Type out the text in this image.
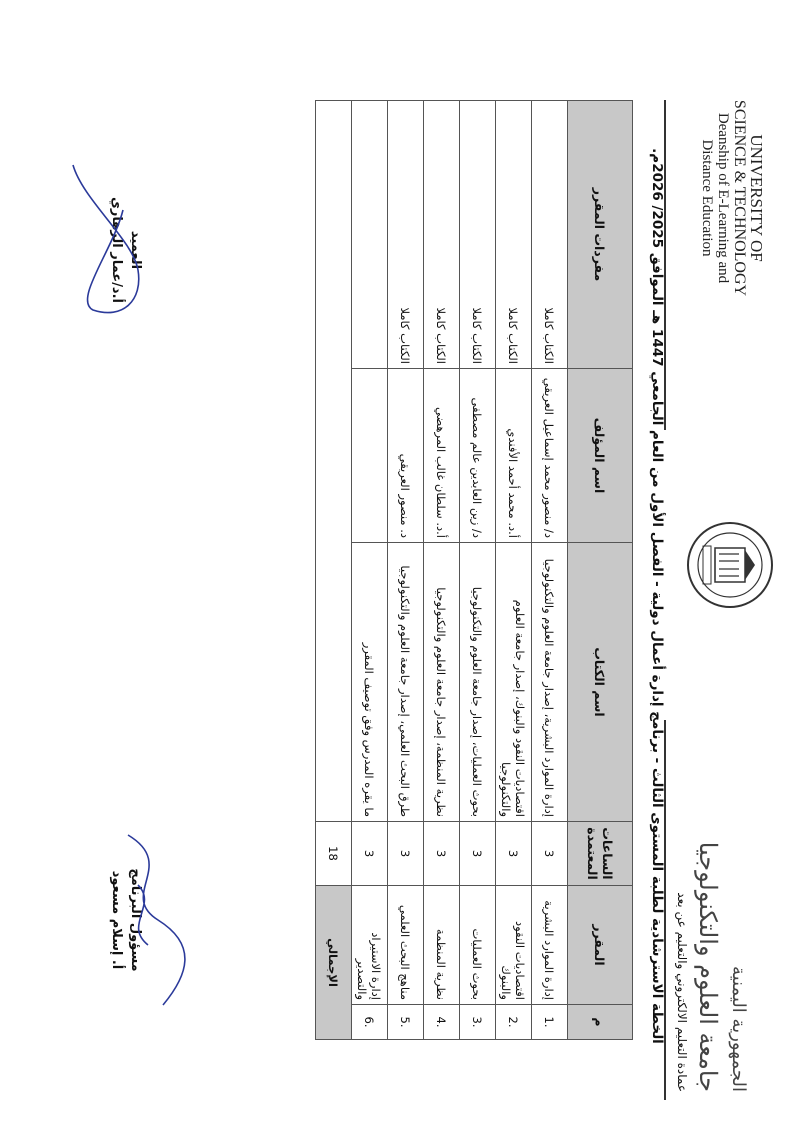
الجمهورية اليمنية
جامعة العلوم والتكنولوجيا
عمادة التعليم الالكتروني والتعليم عن بعد
UNIVERSITY OF
SCIENCE & TECHNOLOGY
Deanship of E-Learning and
Distance Education
الخطة الاسترشادية لطلبة المستوى الثالث - برنامج إدارة أعمال دولية - الفصل الأول من العام الجامعي 1447 هـ الموافق 2025/ 2026م.
م	المقرر	الساعات المعتمدة	اسم الكتاب	اسم المؤلف	مفردات المقرر
.1	إدارة الموارد البشرية	3	إدارة الموارد البشرية، إصدار جامعة العلوم والتكنولوجيا	د/ منصور محمد إسماعيل العريقي	الكتاب كاملا
.2	اقتصاديات النقود والبنوك	3	اقتصاديات النقود والبنوك، إصدار جامعة العلوم والتكنولوجيا	أ.د. محمد أحمد الأفندي	الكتاب كاملا
.3	بحوث العمليات	3	بحوث العمليات، إصدار جامعة العلوم والتكنولوجيا	د/ زين العابدين عالم مصطفى	الكتاب كاملا
.4	نظرية المنظمة	3	نظرية المنظمة، إصدار جامعة العلوم والتكنولوجيا	أ.د. سلطان غالب المرهضي	الكتاب كاملا
.5	مناهج البحث العلمي	3	طرق البحث العلمي، إصدار جامعة العلوم والتكنولوجيا	د. منصور العريقي	الكتاب كاملا
.6	إدارة الاستيراد والتصدير	3	ما يقره المدرس وفق توصيف المقرر		
الإجمالي		18			
مسؤول البرنامج
أ. إسلام مسعود
العميد
أ.د/عمار الرهاري
